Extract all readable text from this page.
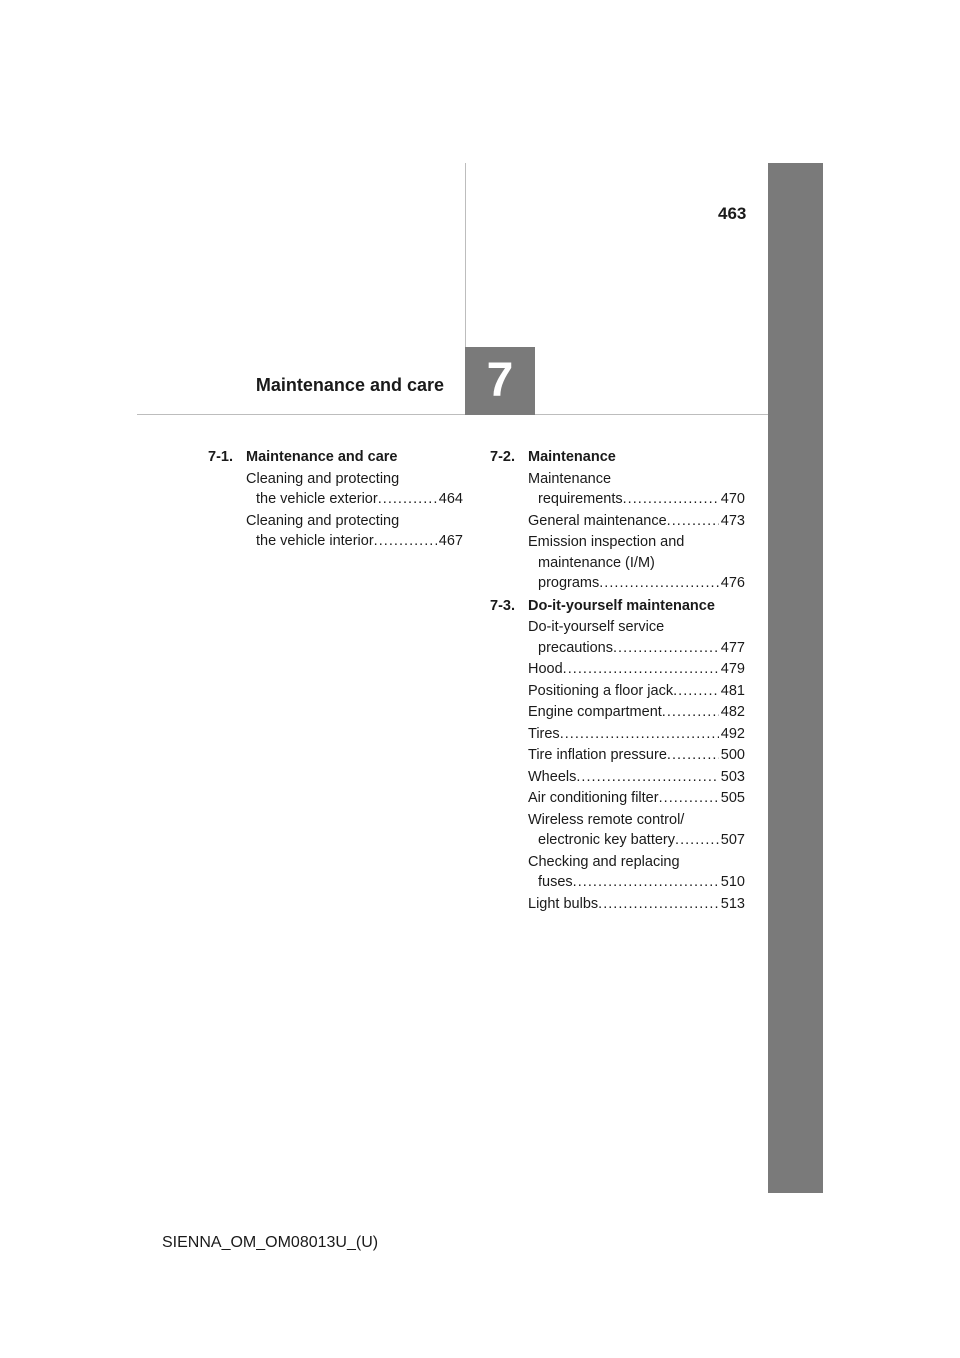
463
7
Maintenance and care
7-1. Maintenance and care
Cleaning and protecting
the vehicle exterior . . .	464
Cleaning and protecting
the vehicle interior . . .	467
7-2. Maintenance
Maintenance
requirements . . .	470
General maintenance . . .	473
Emission inspection and
maintenance (I/M)
programs . . .	476
7-3. Do-it-yourself maintenance
Do-it-yourself service
precautions . . .	477
Hood . . .	479
Positioning a floor jack . . .	481
Engine compartment . . .	482
Tires . . .	492
Tire inflation pressure . . .	500
Wheels . . .	503
Air conditioning filter . . .	505
Wireless remote control/
electronic key battery . . .	507
Checking and replacing
fuses . . .	510
Light bulbs . . .	513
SIENNA_OM_OM08013U_(U)
